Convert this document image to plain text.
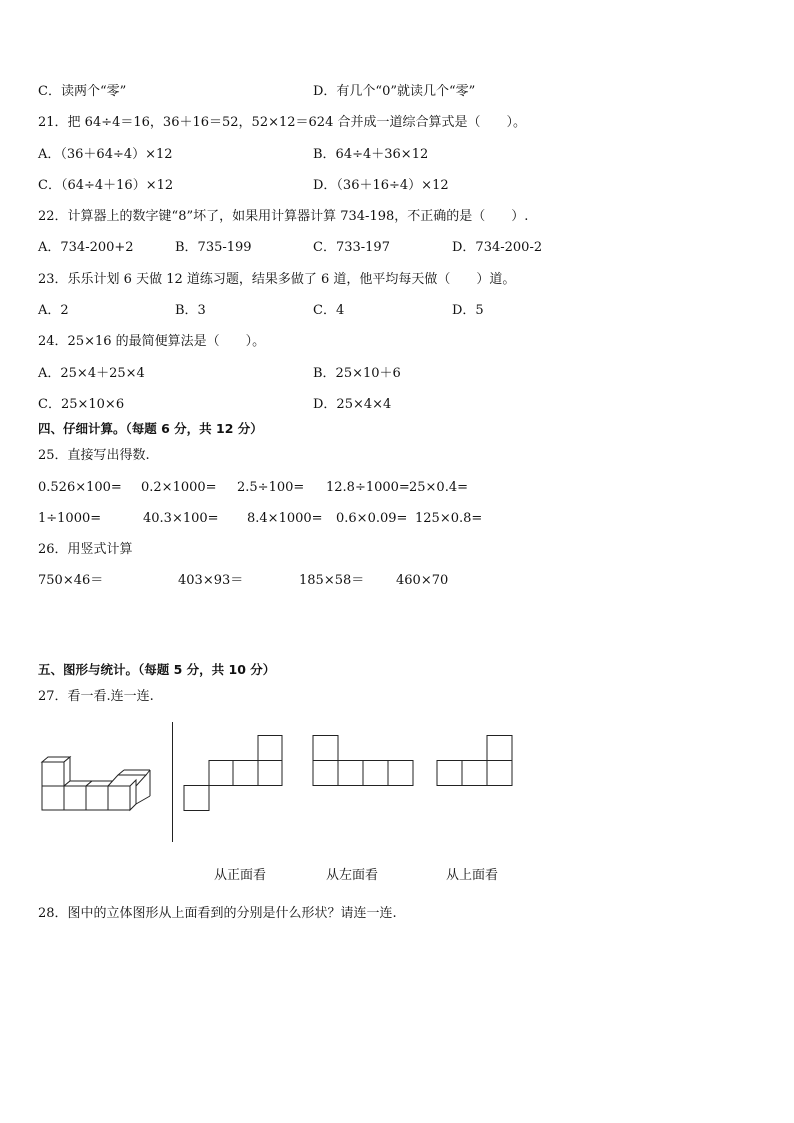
C．读两个“零”	D．有几个“0”就读几个“零”
21．把 64÷4＝16，36＋16＝52，52×12＝624 合并成一道综合算式是（　　）。
A．（36＋64÷4）×12	B．64÷4＋36×12
C．（64÷4＋16）×12	D．（36＋16÷4）×12
22．计算器上的数字键“8”坏了，如果用计算器计算 734-198，不正确的是（　　）.
A．734-200+2	B．735-199	C．733-197	D．734-200-2
23．乐乐计划 6 天做 12 道练习题，结果多做了 6 道，他平均每天做（　　）道。
A．2	B．3	C．4	D．5
24．25×16 的最简便算法是（　　）。
A．25×4＋25×4	B．25×10＋6
C．25×10×6	D．25×4×4
四、仔细计算。（每题 6 分，共 12 分）
25．直接写出得数.
0.526×100= 0.2×1000= 2.5÷100= 12.8÷1000= 25×0.4=
1÷1000=	40.3×100= 8.4×1000= 0.6×0.09= 125×0.8=
26．用竖式计算
750×46＝	403×93＝	185×58＝ 460×70
五、图形与统计。（每题 5 分，共 10 分）
27．看一看.连一连.
从正面看	从左面看	从上面看
28．图中的立体图形从上面看到的分别是什么形状？请连一连.
